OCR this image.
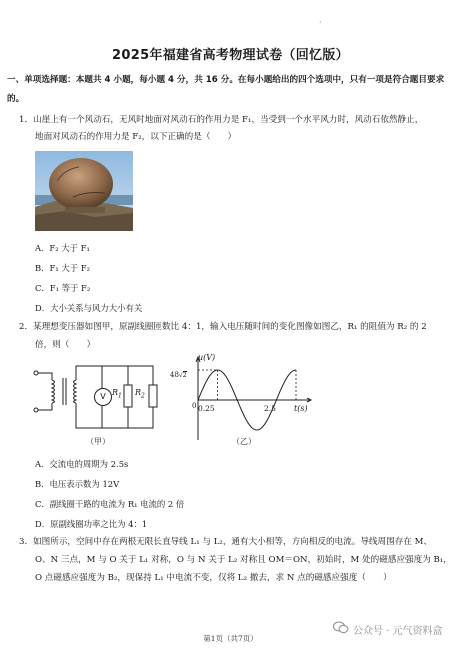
·
2025年福建省高考物理试卷（回忆版）
一、单项选择题：本题共 4 小题，每小题 4 分，共 16 分。在每小题给出的四个选项中，只有一项是符合题目要求的。
1．山崖上有一个风动石，无风时地面对风动石的作用力是 F₁，当受到一个水平风力时，风动石依然静止，
地面对风动石的作用力是 F₂，以下正确的是（　　）
A．F₂ 大于 F₁
B．F₁ 大于 F₂
C．F₁ 等于 F₂
D．大小关系与风力大小有关
2．某理想变压器如图甲，原副线圈匝数比 4：1，输入电压随时间的变化图像如图乙，R₁ 的阻值为 R₂ 的 2
倍，则（　　）
V $R_1$ $R_2$
（甲）
u(V)
48√2
0 0.25	2.5 t(s)
（乙）
A．交流电的周期为 2.5s
B．电压表示数为 12V
C．副线圈干路的电流为 R₁ 电流的 2 倍
D．原副线圈功率之比为 4：1
3．如图所示，空间中存在两根无限长直导线 L₁ 与 L₂，通有大小相等，方向相反的电流。导线周围存在 M、
O、N 三点，M 与 O 关于 L₁ 对称，O 与 N 关于 L₂ 对称且 OM＝ON，初始时，M 处的磁感应强度为 B₁，
O 点磁感应强度为 B₂，现保持 L₁ 中电流不变，仅将 L₂ 撤去，求 N 点的磁感应强度（　　）
公众号 · 元气资料盒
第1页（共7页）
